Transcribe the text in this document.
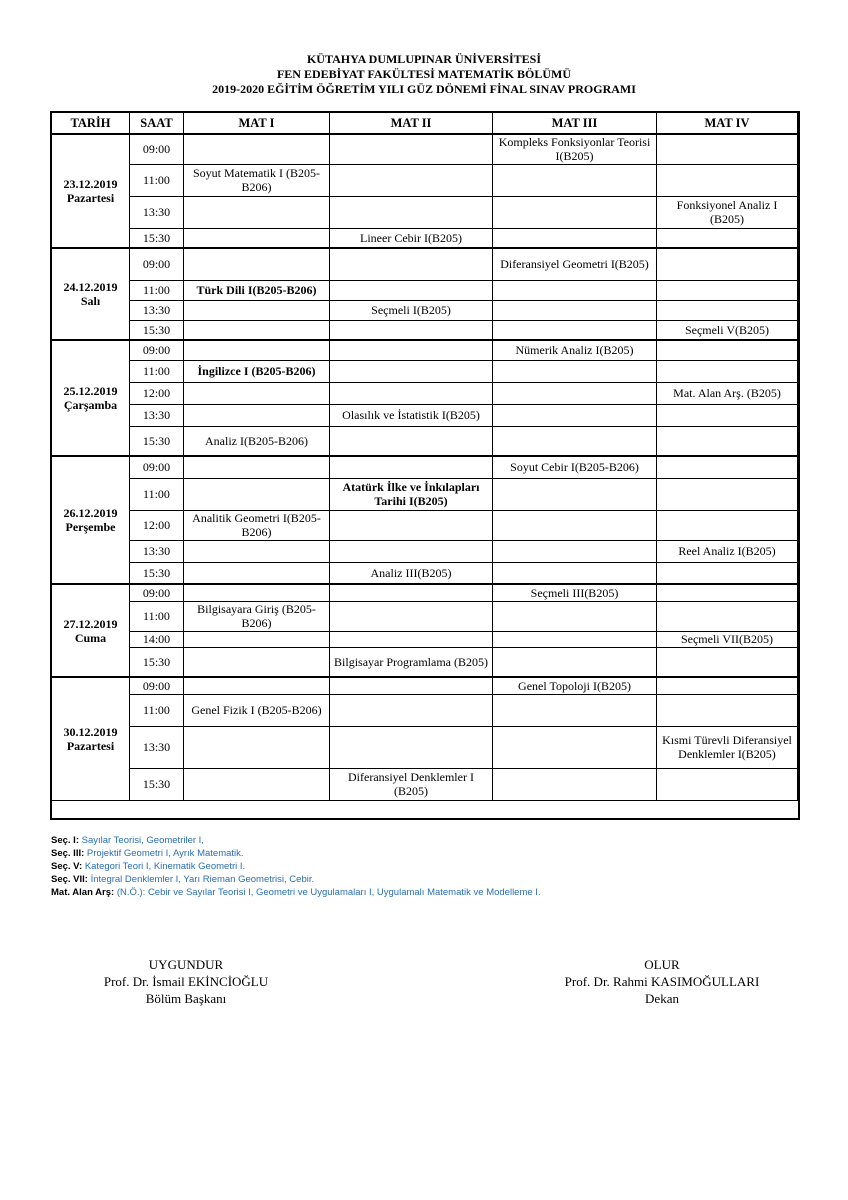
KÜTAHYA DUMLUPINAR ÜNİVERSİTESİ
FEN EDEBİYAT FAKÜLTESİ MATEMATİK BÖLÜMÜ
2019-2020 EĞİTİM ÖĞRETİM YILI GÜZ DÖNEMİ FİNAL SINAV PROGRAMI
TARİH	SAAT	MAT I	MAT II	MAT III	MAT IV

23.12.2019
Pazartesi	09:00			Kompleks Fonksiyonlar Teorisi I(B205)	
	11:00	Soyut Matematik I (B205-B206)			
	13:30				Fonksiyonel Analiz I (B205)
	15:30		Lineer Cebir I(B205)		

24.12.2019
Salı	09:00			Diferansiyel Geometri I(B205)	
	11:00	Türk Dili I(B205-B206)			
	13:30		Seçmeli I(B205)		
	15:30				Seçmeli V(B205)

25.12.2019
Çarşamba	09:00			Nümerik Analiz I(B205)	
	11:00	İngilizce I (B205-B206)			
	12:00				Mat. Alan Arş. (B205)
	13:30		Olasılık ve İstatistik I(B205)		
	15:30	Analiz I(B205-B206)			

26.12.2019
Perşembe	09:00			Soyut Cebir I(B205-B206)	
	11:00		Atatürk İlke ve İnkılapları Tarihi I(B205)		
	12:00	Analitik Geometri I(B205-B206)			
	13:30				Reel Analiz I(B205)
	15:30		Analiz III(B205)		

27.12.2019
Cuma	09:00			Seçmeli III(B205)	
	11:00	Bilgisayara Giriş (B205-B206)			
	14:00				Seçmeli VII(B205)
	15:30		Bilgisayar Programlama (B205)		

30.12.2019
Pazartesi	09:00			Genel Topoloji I(B205)	
	11:00	Genel Fizik I (B205-B206)			
	13:30				Kısmi Türevli Diferansiyel Denklemler I(B205)
	15:30		Diferansiyel Denklemler I (B205)		
Seç. I: Sayılar Teorisi, Geometriler I,
Seç. III: Projektif Geometri I, Ayrık Matematik.
Seç. V: Kategori Teori I, Kinematik Geometri I.
Seç. VII: İntegral Denklemler I, Yarı Rieman Geometrisi, Cebir.
Mat. Alan Arş: (N.Ö.): Cebir ve Sayılar Teorisi I, Geometri ve Uygulamaları I, Uygulamalı Matematik ve Modelleme I.
UYGUNDUR
Prof. Dr. İsmail EKİNCİOĞLU
Bölüm Başkanı
OLUR
Prof. Dr. Rahmi KASIMOĞULLARI
Dekan
